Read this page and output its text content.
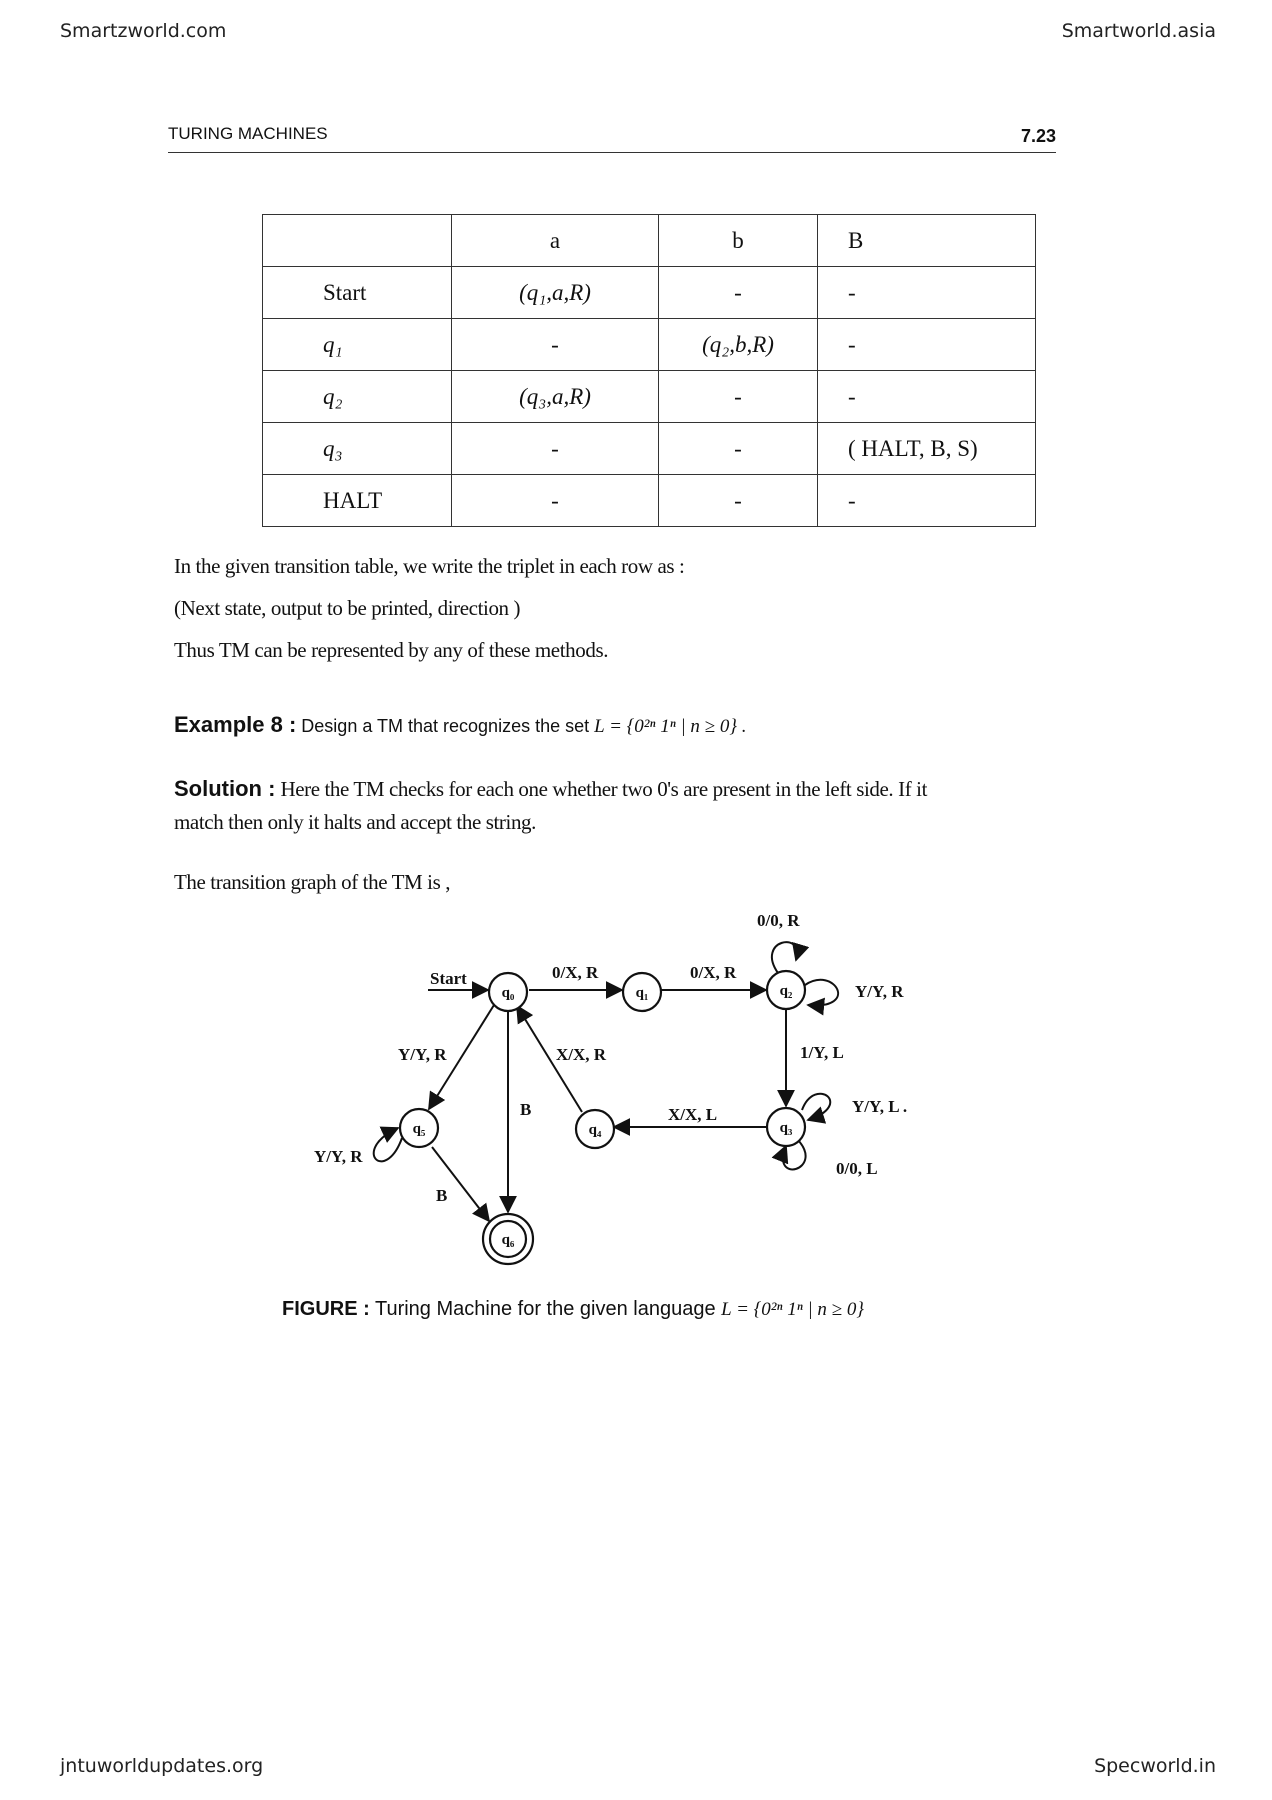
Smartzworld.com	Smartworld.asia
jntuworldupdates.org	Specworld.in
TURING MACHINES	7.23
	a	b	B
Start	(q₁,a,R)	-	-
q₁	-	(q₂,b,R)	-
q₂	(q₃,a,R)	-	-
q₃	-	-	( HALT, B, S)
HALT	-	-	-
In the given transition table, we write the triplet in each row as :
(Next state, output to be printed, direction )
Thus TM can be represented by any of these methods.
Example 8 : Design a TM that recognizes the set L = {0²ⁿ 1ⁿ | n ≥ 0} .
Solution : Here the TM checks for each one whether two 0's are present in the left side. If it
match then only it halts and accept the string.
The transition graph of the TM is ,
q₀	q₁	q₂
q₃
q₄
q₅
q₆
Start	0/X, R	0/X, R
0/0, R
Y/Y, R
1/Y, L
Y/Y, L .
0/0, L
X/X, L
X/X, R
Y/Y, R
B
Y/Y, R
B
FIGURE : Turing Machine for the given language L = {0²ⁿ 1ⁿ | n ≥ 0}
